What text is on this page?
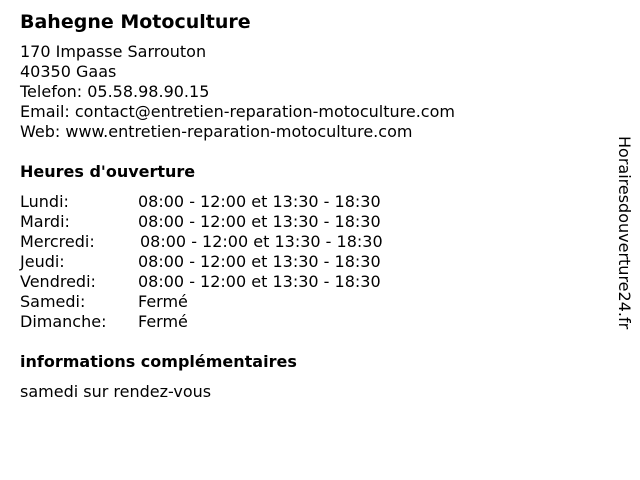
Bahegne Motoculture
170 Impasse Sarrouton
40350 Gaas
Telefon: 05.58.98.90.15
Email: contact@entretien-reparation-motoculture.com
Web: www.entretien-reparation-motoculture.com
Heures d'ouverture
Lundi:	08:00 - 12:00 et 13:30 - 18:30
Mardi:	08:00 - 12:00 et 13:30 - 18:30
Mercredi:	08:00 - 12:00 et 13:30 - 18:30
Jeudi:	08:00 - 12:00 et 13:30 - 18:30
Vendredi:	08:00 - 12:00 et 13:30 - 18:30
Samedi:	Fermé
Dimanche:	Fermé
informations complémentaires
samedi sur rendez-vous
Horairesdouverture24.fr
